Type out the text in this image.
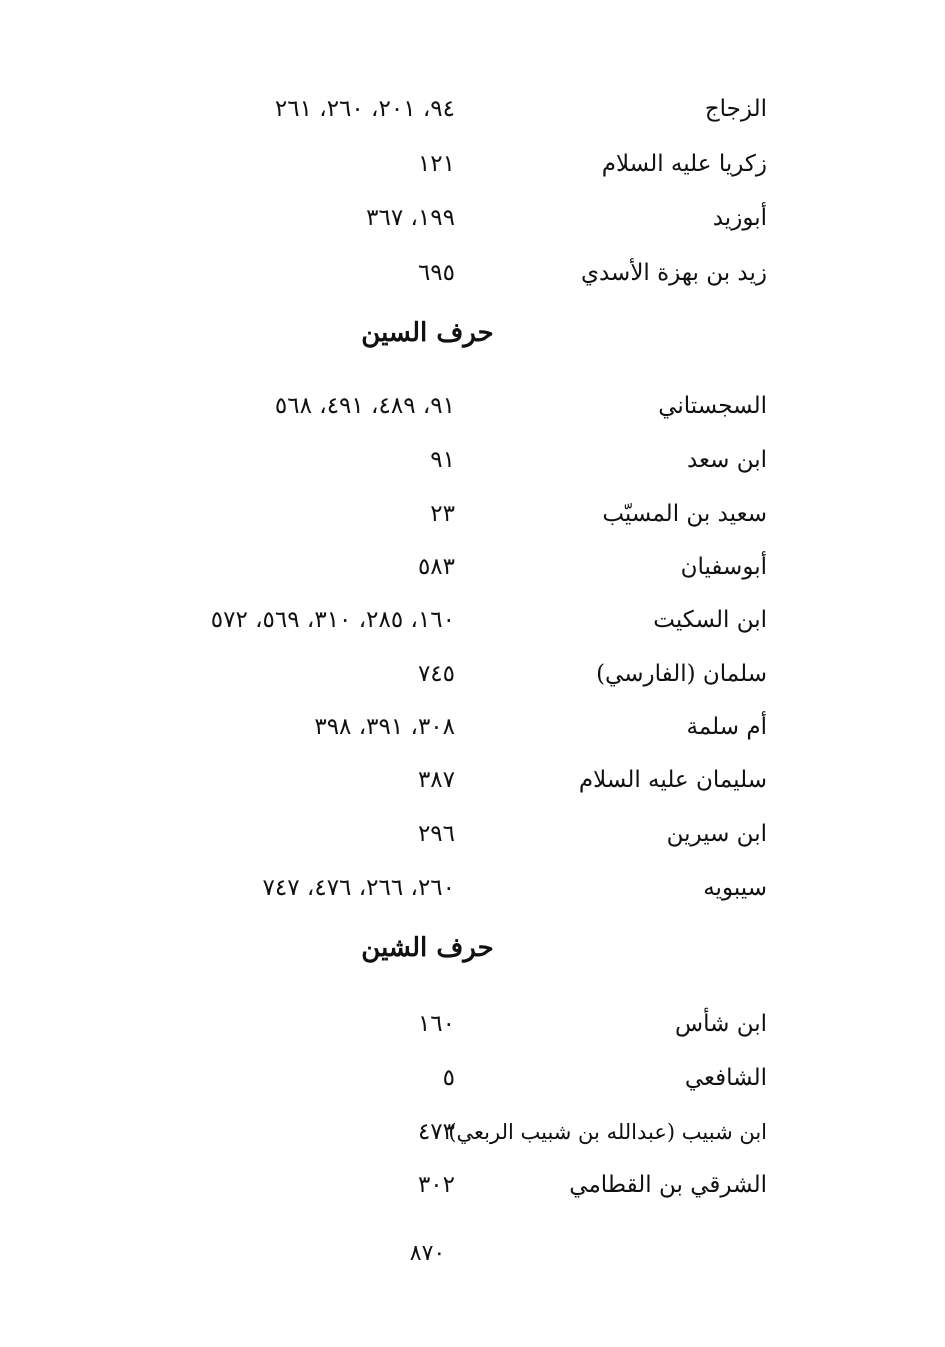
الزجاج
٩٤، ٢٠١، ٢٦٠، ٢٦١
زكريا عليه السلام
١٢١
أبوزيد
١٩٩، ٣٦٧
زيد بن بهزة الأسدي
٦٩٥
حرف السين
السجستاني
٩١، ٤٨٩، ٤٩١، ٥٦٨
ابن سعد
٩١
سعيد بن المسيّب
٢٣
أبوسفيان
٥٨٣
ابن السكيت
١٦٠، ٢٨٥، ٣١٠، ٥٦٩، ٥٧٢
سلمان (الفارسي)
٧٤٥
أم سلمة
٣٠٨، ٣٩١، ٣٩٨
سليمان عليه السلام
٣٨٧
ابن سيرين
٢٩٦
سيبويه
٢٦٠، ٢٦٦، ٤٧٦، ٧٤٧
حرف الشين
ابن شأس
١٦٠
الشافعي
٥
ابن شبيب (عبدالله بن شبيب الربعي)
٤٧٣
الشرقي بن القطامي
٣٠٢
٨٧٠
